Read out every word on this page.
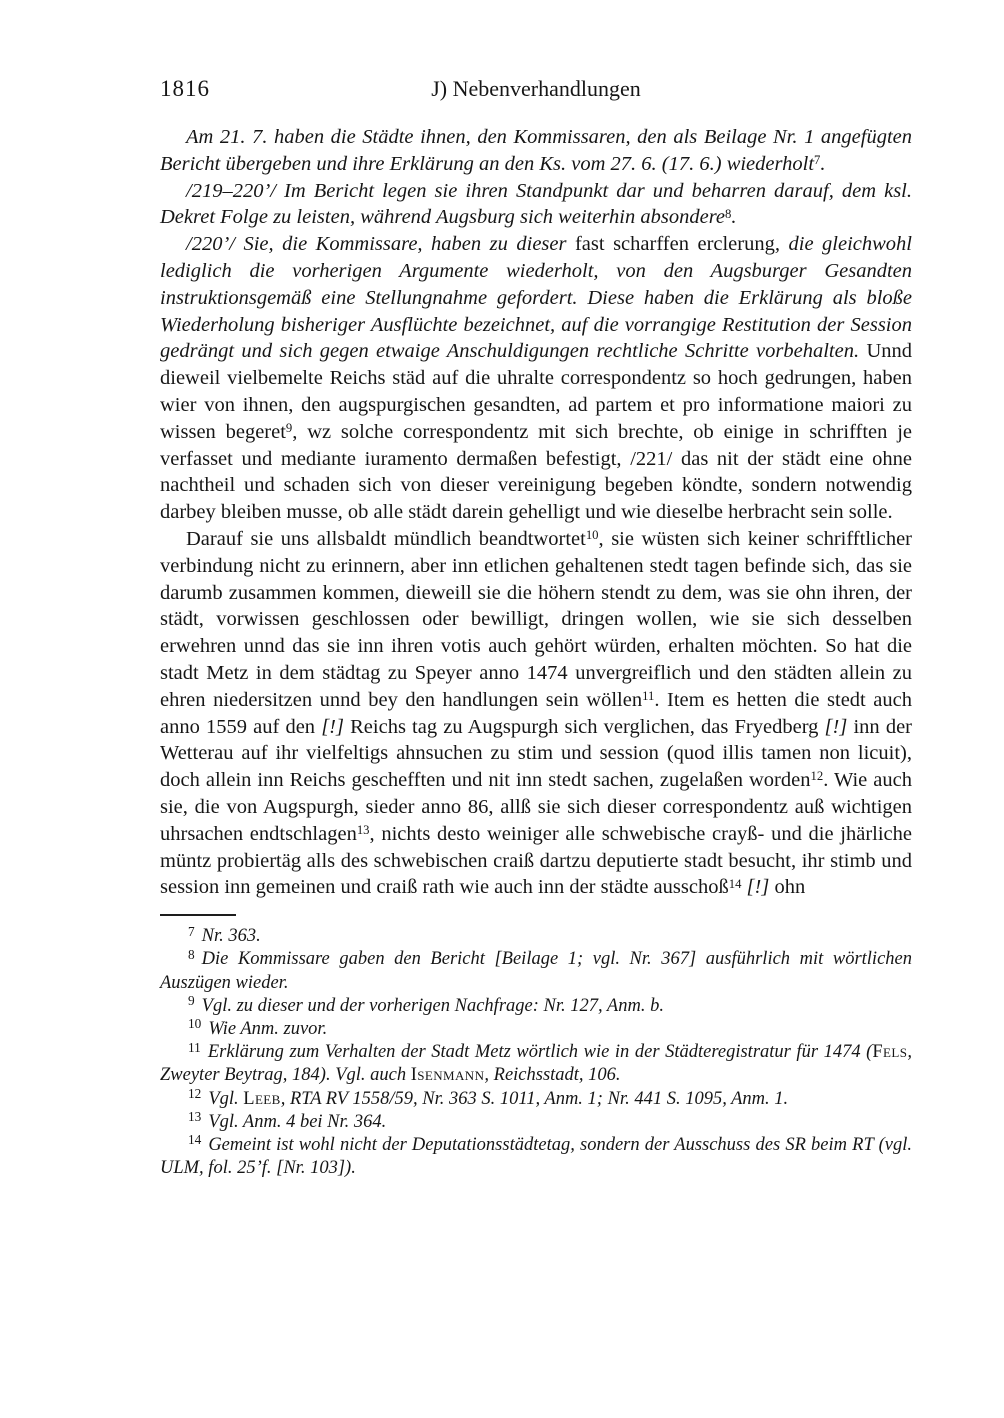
1816	J) Nebenverhandlungen

Am 21. 7. haben die Städte ihnen, den Kommissaren, den als Beilage Nr. 1 angefügten Bericht übergeben und ihre Erklärung an den Ks. vom 27. 6. (17. 6.) wiederholt$^7$.

/219–220’/ Im Bericht legen sie ihren Standpunkt dar und beharren darauf, dem ksl. Dekret Folge zu leisten, während Augsburg sich weiterhin absondere$^8$.

/220’/ Sie, die Kommissare, haben zu dieser fast scharffen erclerung, die gleichwohl lediglich die vorherigen Argumente wiederholt, von den Augsburger Gesandten instruktionsgemäß eine Stellungnahme gefordert. Diese haben die Erklärung als bloße Wiederholung bisheriger Ausflüchte bezeichnet, auf die vorrangige Restitution der Session gedrängt und sich gegen etwaige Anschuldigungen rechtliche Schritte vorbehalten. Unnd dieweil vielbemelte Reichs städ auf die uhralte correspondentz so hoch gedrungen, haben wier von ihnen, den augspurgischen gesandten, ad partem et pro informatione maiori zu wissen begeret$^9$, wz solche correspondentz mit sich brechte, ob einige in schrifften je verfasset und mediante iuramento dermaßen befestigt, /221/ das nit der städt eine ohne nachtheil und schaden sich von dieser vereinigung begeben köndte, sondern notwendig darbey bleiben musse, ob alle städt darein gehelligt und wie dieselbe herbracht sein solle.

Darauf sie uns allsbaldt mündlich beandtwortet$^{10}$, sie wüsten sich keiner schrifftlicher verbindung nicht zu erinnern, aber inn etlichen gehaltenen stedt tagen befinde sich, das sie darumb zusammen kommen, dieweill sie die höhern stendt zu dem, was sie ohn ihren, der städt, vorwissen geschlossen oder bewilligt, dringen wollen, wie sie sich desselben erwehren unnd das sie inn ihren votis auch gehört würden, erhalten möchten. So hat die stadt Metz in dem städtag zu Speyer anno 1474 unvergreiflich und den städten allein zu ehren niedersitzen unnd bey den handlungen sein wöllen$^{11}$. Item es hetten die stedt auch anno 1559 auf den [!] Reichs tag zu Augspurgh sich verglichen, das Fryedberg [!] inn der Wetterau auf ihr vielfeltigs ahnsuchen zu stim und session (quod illis tamen non licuit), doch allein inn Reichs geschefften und nit inn stedt sachen, zugelaßen worden$^{12}$. Wie auch sie, die von Augspurgh, sieder anno 86, allß sie sich dieser correspondentz auß wichtigen uhrsachen endtschlagen$^{13}$, nichts desto weiniger alle schwebische crayß- und die jhärliche müntz probiertäg alls des schwebischen craiß dartzu deputierte stadt besucht, ihr stimb und session inn gemeinen und craiß rath wie auch inn der städte ausschoß$^{14}$ [!] ohn

$^7$ Nr. 363.

$^8$ Die Kommissare gaben den Bericht [Beilage 1; vgl. Nr. 367] ausführlich mit wörtlichen Auszügen wieder.

$^9$ Vgl. zu dieser und der vorherigen Nachfrage: Nr. 127, Anm. b.

$^{10}$ Wie Anm. zuvor.

$^{11}$ Erklärung zum Verhalten der Stadt Metz wörtlich wie in der Städteregistratur für 1474 (Fels, Zweyter Beytrag, 184). Vgl. auch Isenmann, Reichsstadt, 106.

$^{12}$ Vgl. Leeb, RTA RV 1558/59, Nr. 363 S. 1011, Anm. 1; Nr. 441 S. 1095, Anm. 1.

$^{13}$ Vgl. Anm. 4 bei Nr. 364.

$^{14}$ Gemeint ist wohl nicht der Deputationsstädtetag, sondern der Ausschuss des SR beim RT (vgl. ULM, fol. 25’f. [Nr. 103]).
